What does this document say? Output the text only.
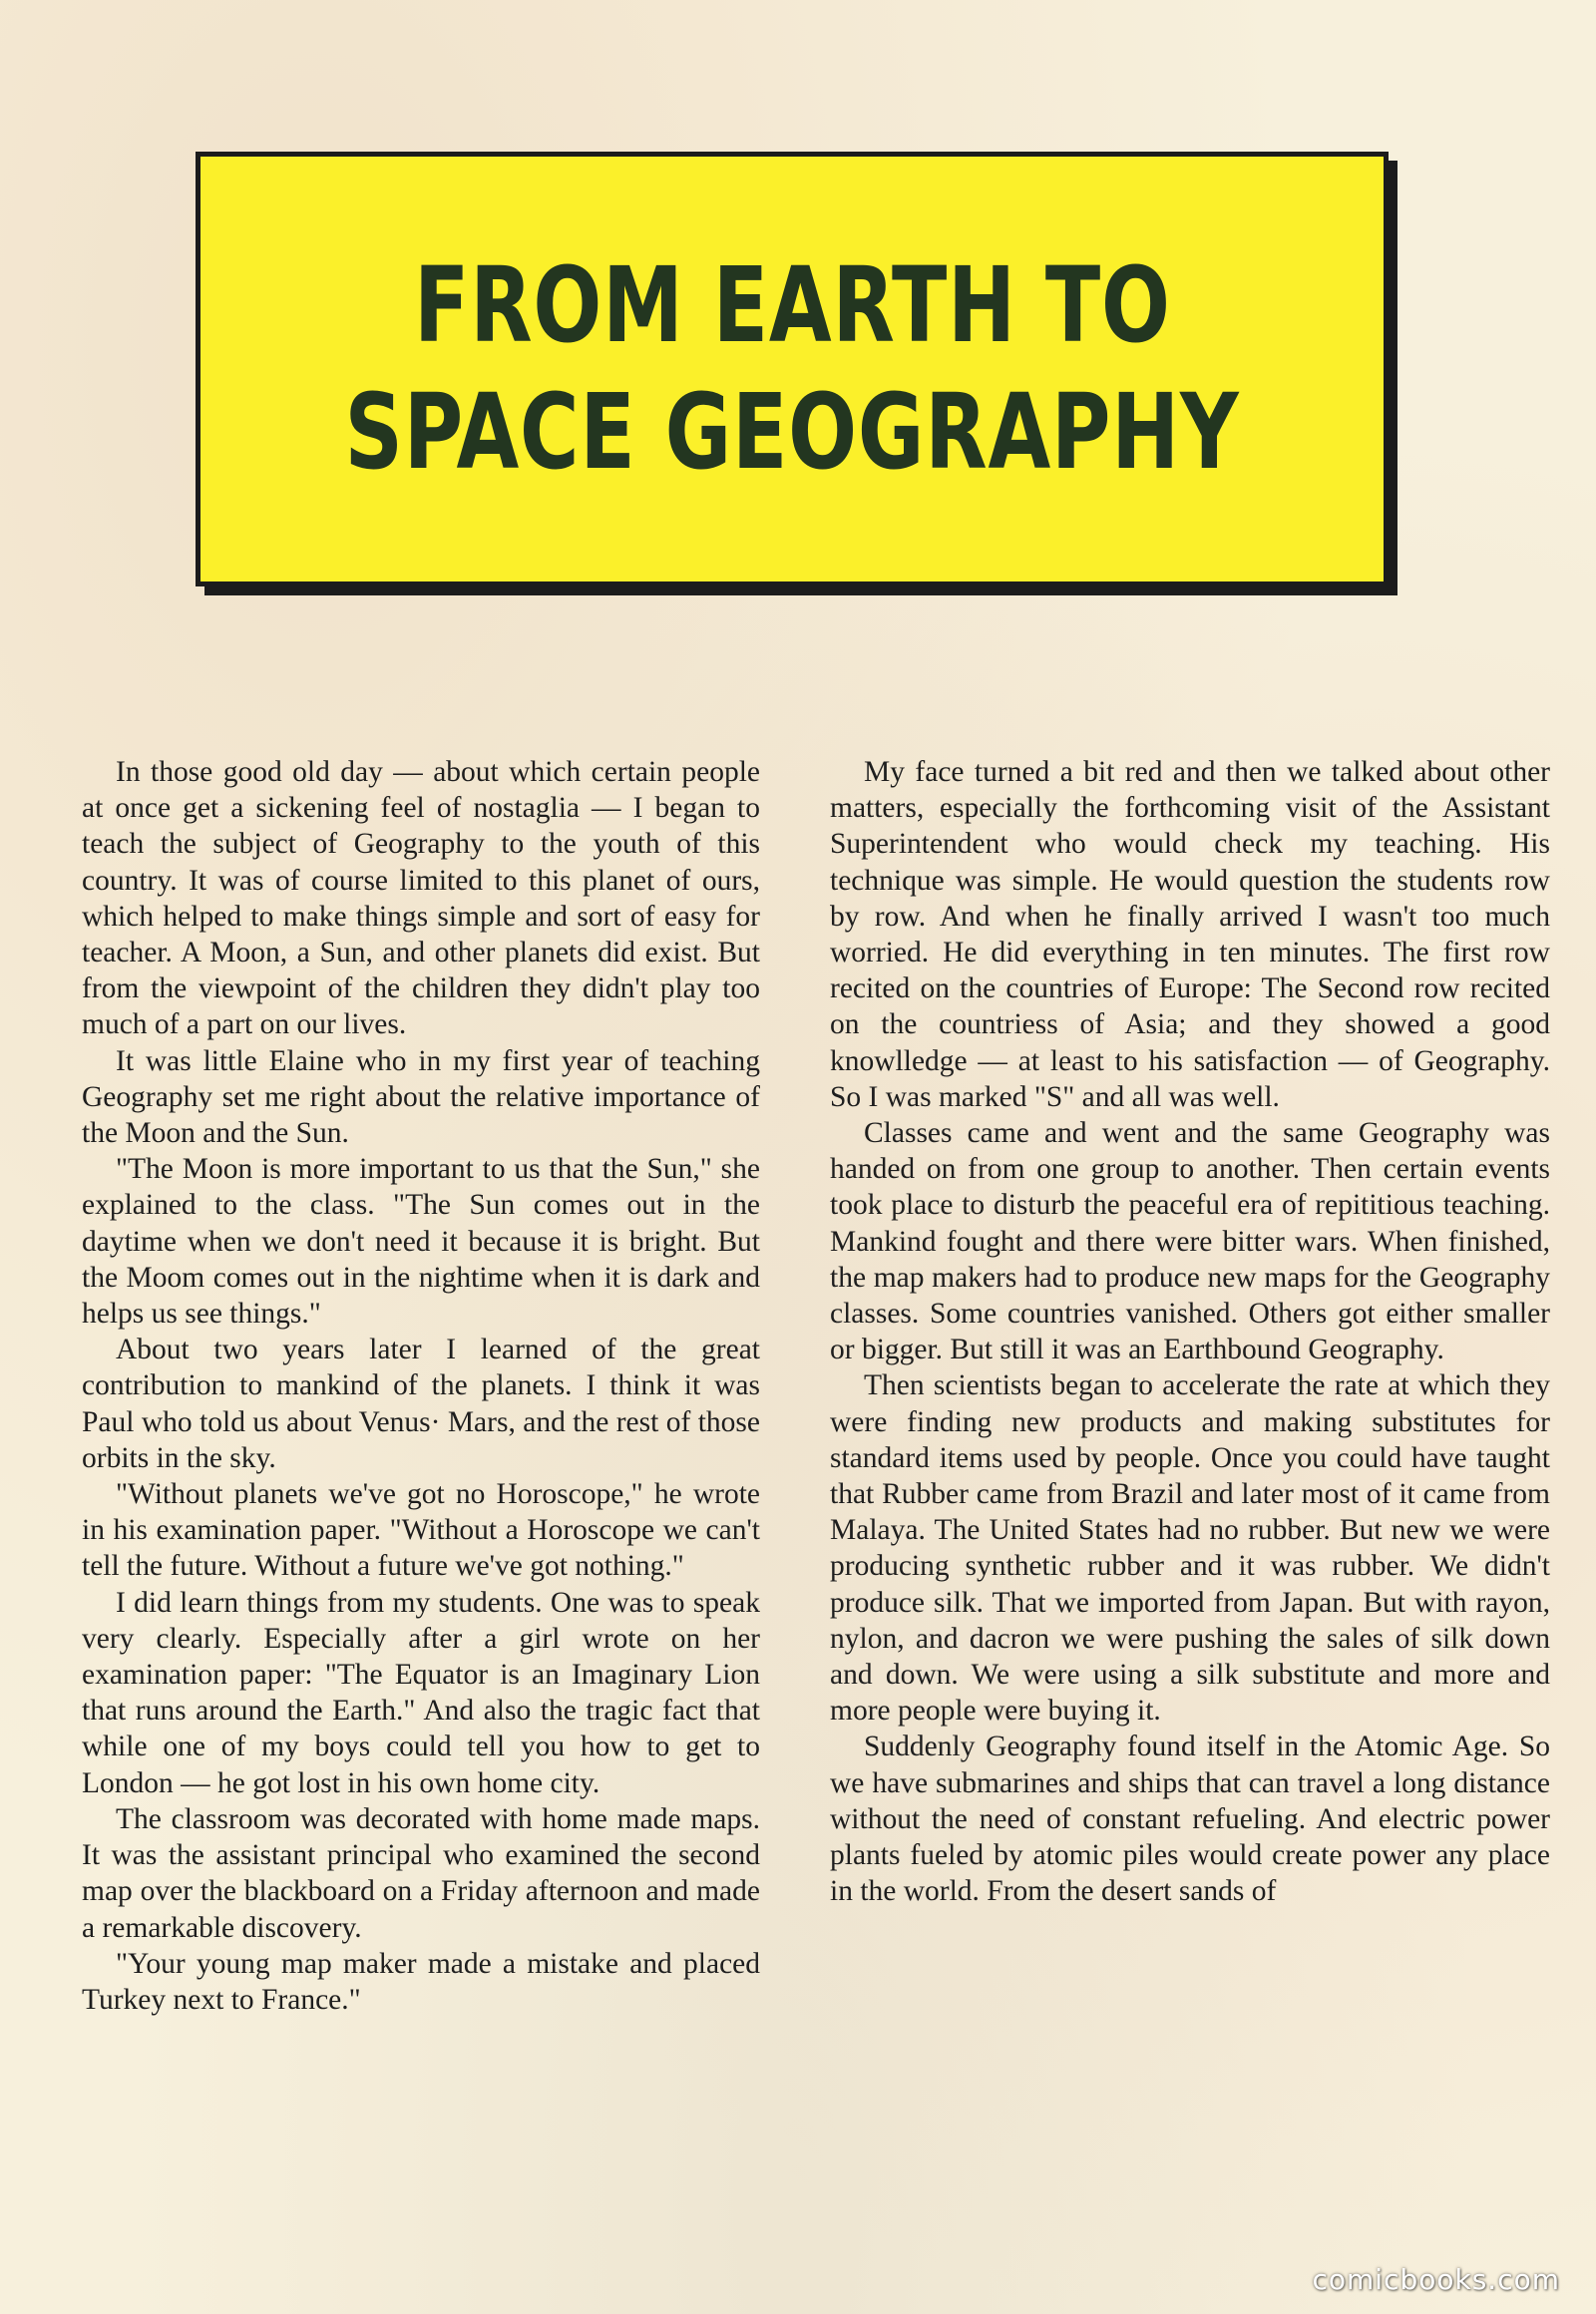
FROM EARTH TO
SPACE GEOGRAPHY

In those good old day — about which certain people at once get a sickening feel of nostaglia — I began to teach the subject of Geography to the youth of this country. It was of course limited to this planet of ours, which helped to make things simple and sort of easy for teacher. A Moon, a Sun, and other planets did exist. But from the viewpoint of the children they didn't play too much of a part on our lives.

It was little Elaine who in my first year of teaching Geography set me right about the relative importance of the Moon and the Sun.

"The Moon is more important to us that the Sun," she explained to the class. "The Sun comes out in the daytime when we don't need it because it is bright. But the Moom comes out in the nightime when it is dark and helps us see things."

About two years later I learned of the great contribution to mankind of the planets. I think it was Paul who told us about Venus· Mars, and the rest of those orbits in the sky.

"Without planets we've got no Horoscope," he wrote in his examination paper. "Without a Horoscope we can't tell the future. Without a future we've got nothing."

I did learn things from my students. One was to speak very clearly. Especially after a girl wrote on her examination paper: "The Equator is an Imaginary Lion that runs around the Earth." And also the tragic fact that while one of my boys could tell you how to get to London — he got lost in his own home city.

The classroom was decorated with home made maps. It was the assistant principal who examined the second map over the blackboard on a Friday afternoon and made a remarkable discovery.

"Your young map maker made a mistake and placed Turkey next to France."

My face turned a bit red and then we talked about other matters, especially the forthcoming visit of the Assistant Superintendent who would check my teaching. His technique was simple. He would question the students row by row. And when he finally arrived I wasn't too much worried. He did everything in ten minutes. The first row recited on the countries of Europe: The Second row recited on the countriess of Asia; and they showed a good knowlledge — at least to his satisfaction — of Geography. So I was marked "S" and all was well.

Classes came and went and the same Geography was handed on from one group to another. Then certain events took place to disturb the peaceful era of repititious teaching. Mankind fought and there were bitter wars. When finished, the map makers had to produce new maps for the Geography classes. Some countries vanished. Others got either smaller or bigger. But still it was an Earthbound Geography.

Then scientists began to accelerate the rate at which they were finding new products and making substitutes for standard items used by people. Once you could have taught that Rubber came from Brazil and later most of it came from Malaya. The United States had no rubber. But new we were producing synthetic rubber and it was rubber. We didn't produce silk. That we imported from Japan. But with rayon, nylon, and dacron we were pushing the sales of silk down and down. We were using a silk substitute and more and more people were buying it.

Suddenly Geography found itself in the Atomic Age. So we have submarines and ships that can travel a long distance without the need of constant refueling. And electric power plants fueled by atomic piles would create power any place in the world. From the desert sands of

comicbooks.com
